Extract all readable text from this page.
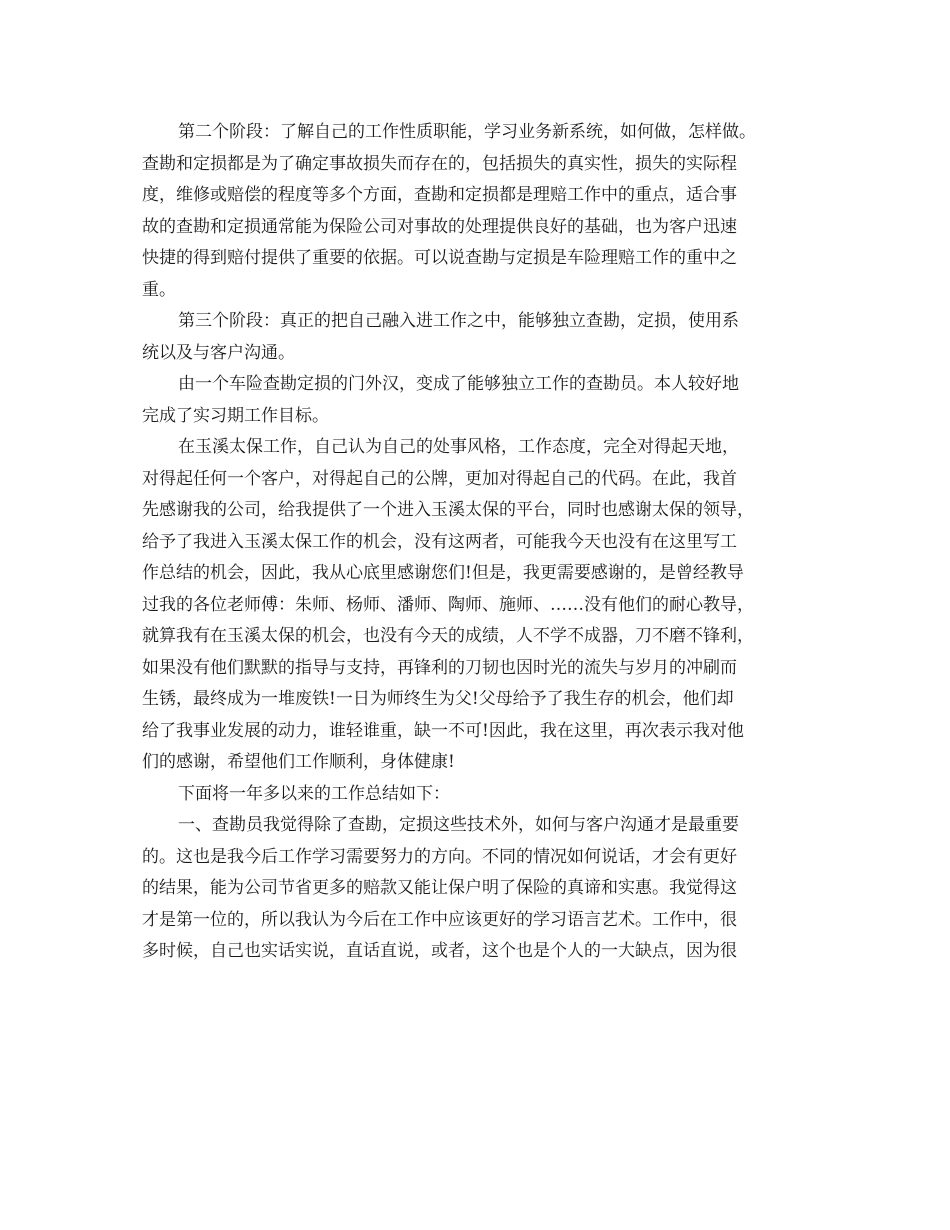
第二个阶段：了解自己的工作性质职能，学习业务新系统，如何做，怎样做。
查勘和定损都是为了确定事故损失而存在的，包括损失的真实性，损失的实际程
度，维修或赔偿的程度等多个方面，查勘和定损都是理赔工作中的重点，适合事
故的查勘和定损通常能为保险公司对事故的处理提供良好的基础，也为客户迅速
快捷的得到赔付提供了重要的依据。可以说查勘与定损是车险理赔工作的重中之
重。
第三个阶段：真正的把自己融入进工作之中，能够独立查勘，定损，使用系
统以及与客户沟通。
由一个车险查勘定损的门外汉，变成了能够独立工作的查勘员。本人较好地
完成了实习期工作目标。
在玉溪太保工作，自己认为自己的处事风格，工作态度，完全对得起天地，
对得起任何一个客户，对得起自己的公牌，更加对得起自己的代码。在此，我首
先感谢我的公司，给我提供了一个进入玉溪太保的平台，同时也感谢太保的领导，
给予了我进入玉溪太保工作的机会，没有这两者，可能我今天也没有在这里写工
作总结的机会，因此，我从心底里感谢您们!但是，我更需要感谢的，是曾经教导
过我的各位老师傅：朱师、杨师、潘师、陶师、施师、……没有他们的耐心教导，
就算我有在玉溪太保的机会，也没有今天的成绩，人不学不成器，刀不磨不锋利，
如果没有他们默默的指导与支持，再锋利的刀韧也因时光的流失与岁月的冲刷而
生锈，最终成为一堆废铁!一日为师终生为父!父母给予了我生存的机会，他们却
给了我事业发展的动力，谁轻谁重，缺一不可!因此，我在这里，再次表示我对他
们的感谢，希望他们工作顺利，身体健康!
下面将一年多以来的工作总结如下：
一、查勘员我觉得除了查勘，定损这些技术外，如何与客户沟通才是最重要
的。这也是我今后工作学习需要努力的方向。不同的情况如何说话，才会有更好
的结果，能为公司节省更多的赔款又能让保户明了保险的真谛和实惠。我觉得这
才是第一位的，所以我认为今后在工作中应该更好的学习语言艺术。工作中，很
多时候，自己也实话实说，直话直说，或者，这个也是个人的一大缺点，因为很
